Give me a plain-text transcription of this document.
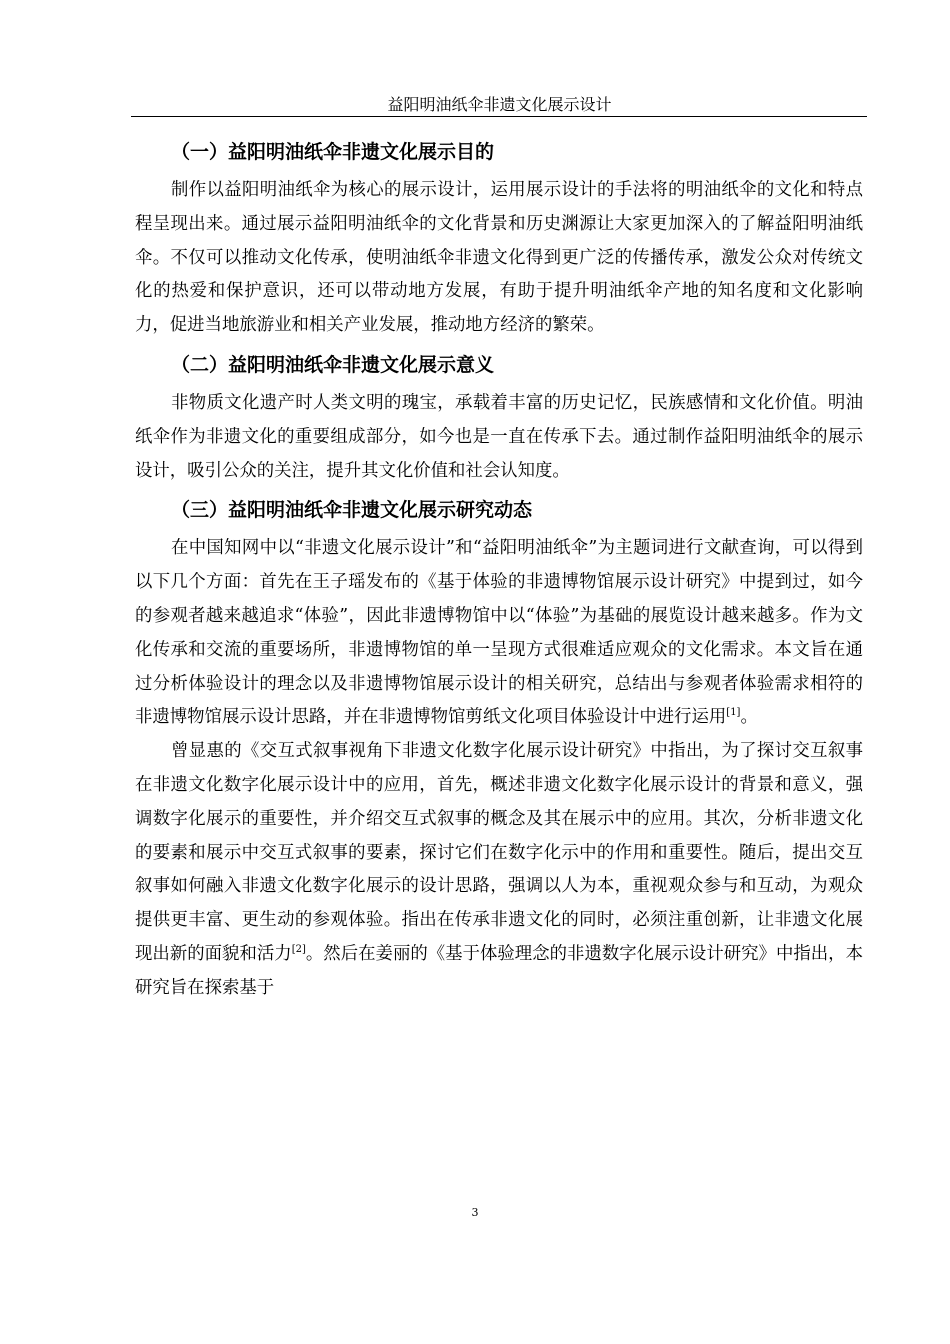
益阳明油纸伞非遗文化展示设计
（一）益阳明油纸伞非遗文化展示目的

制作以益阳明油纸伞为核心的展示设计，运用展示设计的手法将的明油纸伞的文化和特点程呈现出来。通过展示益阳明油纸伞的文化背景和历史渊源让大家更加深入的了解益阳明油纸伞。不仅可以推动文化传承，使明油纸伞非遗文化得到更广泛的传播传承，激发公众对传统文化的热爱和保护意识，还可以带动地方发展，有助于提升明油纸伞产地的知名度和文化影响力，促进当地旅游业和相关产业发展，推动地方经济的繁荣。

（二）益阳明油纸伞非遗文化展示意义

非物质文化遗产时人类文明的瑰宝，承载着丰富的历史记忆，民族感情和文化价值。明油纸伞作为非遗文化的重要组成部分，如今也是一直在传承下去。通过制作益阳明油纸伞的展示设计，吸引公众的关注，提升其文化价值和社会认知度。

（三）益阳明油纸伞非遗文化展示研究动态

在中国知网中以“非遗文化展示设计”和“益阳明油纸伞”为主题词进行文献查询，可以得到以下几个方面：首先在王子瑶发布的《基于体验的非遗博物馆展示设计研究》中提到过，如今的参观者越来越追求“体验”，因此非遗博物馆中以“体验”为基础的展览设计越来越多。作为文化传承和交流的重要场所，非遗博物馆的单一呈现方式很难适应观众的文化需求。本文旨在通过分析体验设计的理念以及非遗博物馆展示设计的相关研究，总结出与参观者体验需求相符的非遗博物馆展示设计思路，并在非遗博物馆剪纸文化项目体验设计中进行运用[1]。

曾显惠的《交互式叙事视角下非遗文化数字化展示设计研究》中指出，为了探讨交互叙事在非遗文化数字化展示设计中的应用，首先，概述非遗文化数字化展示设计的背景和意义，强调数字化展示的重要性，并介绍交互式叙事的概念及其在展示中的应用。其次，分析非遗文化的要素和展示中交互式叙事的要素，探讨它们在数字化示中的作用和重要性。随后，提出交互叙事如何融入非遗文化数字化展示的设计思路，强调以人为本，重视观众参与和互动，为观众提供更丰富、更生动的参观体验。指出在传承非遗文化的同时，必须注重创新，让非遗文化展现出新的面貌和活力[2]。然后在姜丽的《基于体验理念的非遗数字化展示设计研究》中指出，本研究旨在探索基于

3
